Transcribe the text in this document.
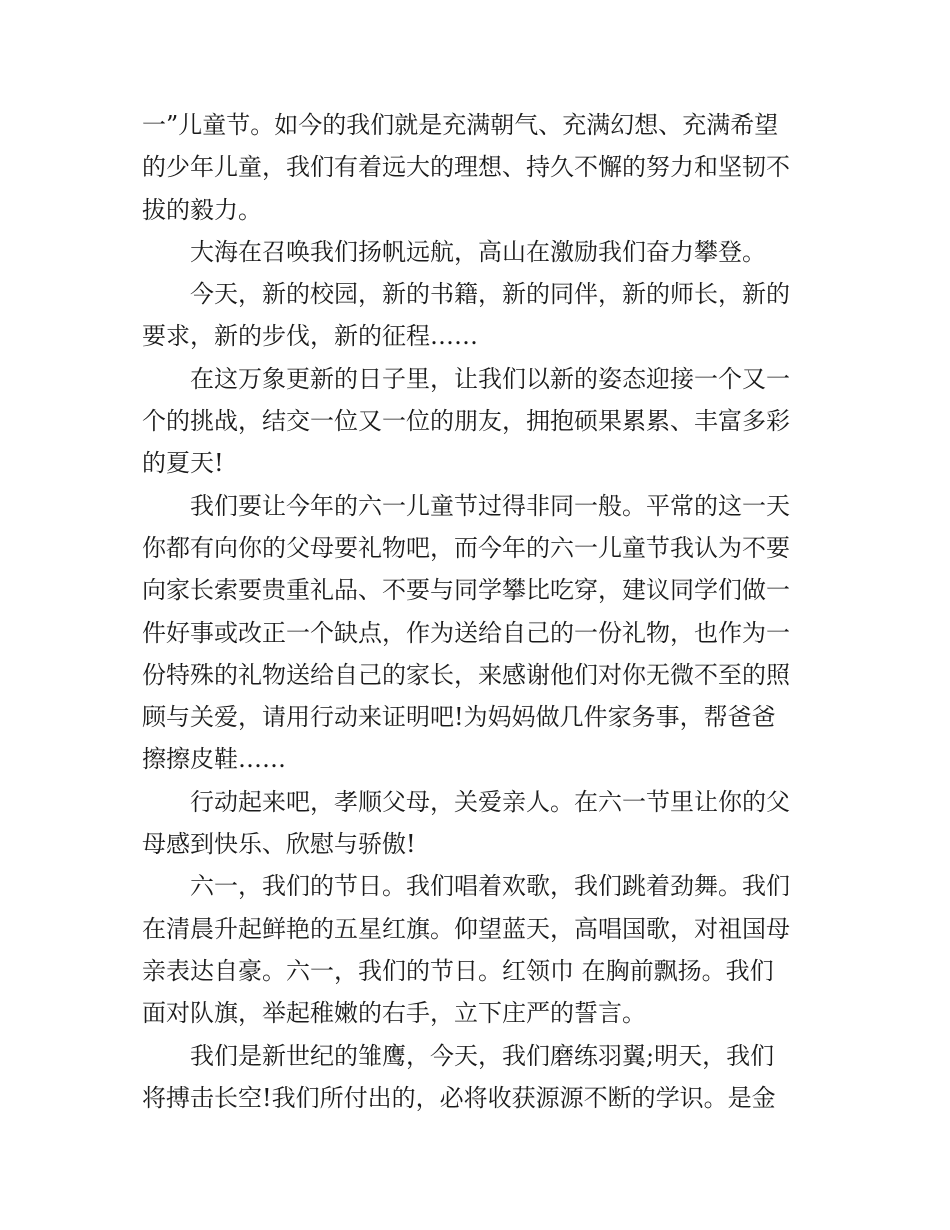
一”儿童节。如今的我们就是充满朝气、充满幻想、充满希望
的少年儿童，我们有着远大的理想、持久不懈的努力和坚韧不
拔的毅力。

大海在召唤我们扬帆远航，高山在激励我们奋力攀登。

今天，新的校园，新的书籍，新的同伴，新的师长，新的
要求，新的步伐，新的征程……

在这万象更新的日子里，让我们以新的姿态迎接一个又一
个的挑战，结交一位又一位的朋友，拥抱硕果累累、丰富多彩
的夏天!

我们要让今年的六一儿童节过得非同一般。平常的这一天
你都有向你的父母要礼物吧，而今年的六一儿童节我认为不要
向家长索要贵重礼品、不要与同学攀比吃穿，建议同学们做一
件好事或改正一个缺点，作为送给自己的一份礼物，也作为一
份特殊的礼物送给自己的家长，来感谢他们对你无微不至的照
顾与关爱，请用行动来证明吧!为妈妈做几件家务事，帮爸爸
擦擦皮鞋……

行动起来吧，孝顺父母，关爱亲人。在六一节里让你的父
母感到快乐、欣慰与骄傲!

六一，我们的节日。我们唱着欢歌，我们跳着劲舞。我们
在清晨升起鲜艳的五星红旗。仰望蓝天，高唱国歌，对祖国母
亲表达自豪。六一，我们的节日。红领巾 在胸前飘扬。我们
面对队旗，举起稚嫩的右手，立下庄严的誓言。

我们是新世纪的雏鹰，今天，我们磨练羽翼;明天，我们
将搏击长空!我们所付出的，必将收获源源不断的学识。是金
